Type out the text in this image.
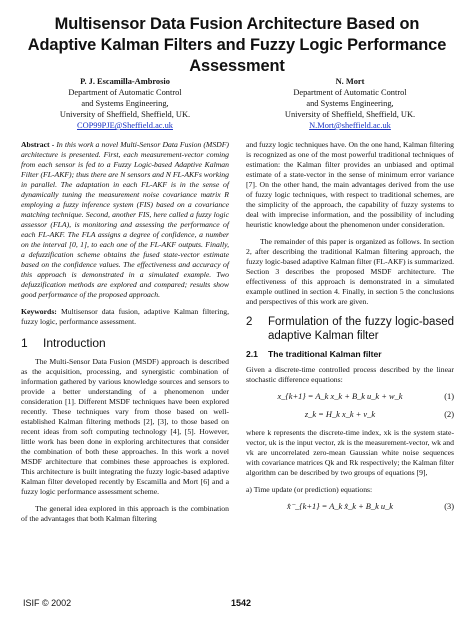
Multisensor Data Fusion Architecture Based on Adaptive Kalman Filters and Fuzzy Logic Performance Assessment
P. J. Escamilla-Ambrosio
Department of Automatic Control
and Systems Engineering,
University of Sheffield, Sheffield, UK.
COP99PJE@Sheffield.ac.uk
N. Mort
Department of Automatic Control
and Systems Engineering,
University of Sheffield, Sheffield, UK.
N.Mort@sheffield.ac.uk

Abstract - In this work a novel Multi-Sensor Data Fusion (MSDF) architecture is presented. First, each measurement-vector coming from each sensor is fed to a Fuzzy Logic-based Adaptive Kalman Filter (FL-AKF); thus there are N sensors and N FL-AKFs working in parallel. The adaptation in each FL-AKF is in the sense of dynamically tuning the measurement noise covariance matrix R employing a fuzzy inference system (FIS) based on a covariance matching technique. Second, another FIS, here called a fuzzy logic assessor (FLA), is monitoring and assessing the performance of each FL-AKF. The FLA assigns a degree of confidence, a number on the interval [0, 1], to each one of the FL-AKF outputs. Finally, a defuzzification scheme obtains the fused state-vector estimate based on the confidence values. The effectiveness and accuracy of this approach is demonstrated in a simulated example. Two defuzzification methods are explored and compared; results show good performance of the proposed approach.

Keywords: Multisensor data fusion, adaptive Kalman filtering, fuzzy logic, performance assessment.

1 Introduction

The Multi-Sensor Data Fusion (MSDF) approach is described as the acquisition, processing, and synergistic combination of information gathered by various knowledge sources and sensors to provide a better understanding of a phenomenon under consideration [1]. Different MSDF techniques have been explored recently. These techniques vary from those based on well-established Kalman filtering methods [2], [3], to those based on recent ideas from soft computing technology [4], [5]. However, little work has been done in exploring architectures that consider the combination of both these approaches. In this work a novel MSDF architecture that combines these approaches is explored. This architecture is built integrating the fuzzy logic-based adaptive Kalman filter developed recently by Escamilla and Mort [6] and a fuzzy logic performance assessment scheme.

The general idea explored in this approach is the combination of the advantages that both Kalman filtering

and fuzzy logic techniques have. On the one hand, Kalman filtering is recognized as one of the most powerful traditional techniques of estimation: the Kalman filter provides an unbiased and optimal estimate of a state-vector in the sense of minimum error variance [7]. On the other hand, the main advantages derived from the use of fuzzy logic techniques, with respect to traditional schemes, are the simplicity of the approach, the capability of fuzzy systems to deal with imprecise information, and the possibility of including heuristic knowledge about the phenomenon under consideration.

The remainder of this paper is organized as follows. In section 2, after describing the traditional Kalman filtering approach, the fuzzy logic-based adaptive Kalman filter (FL-AKF) is summarized. Section 3 describes the proposed MSDF architecture. The effectiveness of this approach is demonstrated in a simulated example outlined in section 4. Finally, in section 5 the conclusions and perspectives of this work are given.

2	Formulation of the fuzzy logic-based adaptive Kalman filter
2.1 The traditional Kalman filter

Given a discrete-time controlled process described by the linear stochastic difference equations:

x_{k+1} = A_k x_k + B_k u_k + w_k	(1)
z_k = H_k x_k + v_k	(2)

where k represents the discrete-time index, xk is the system state-vector, uk is the input vector, zk is the measurement-vector, wk and vk are uncorrelated zero-mean Gaussian white noise sequences with covariance matrices Qk and Rk respectively; the Kalman filter algorithm can be described by two groups of equations [9],

a) Time update (or prediction) equations:

x̂⁻_{k+1} = A_k x̂_k + B_k u_k	(3)
ISIF © 2002	1542
